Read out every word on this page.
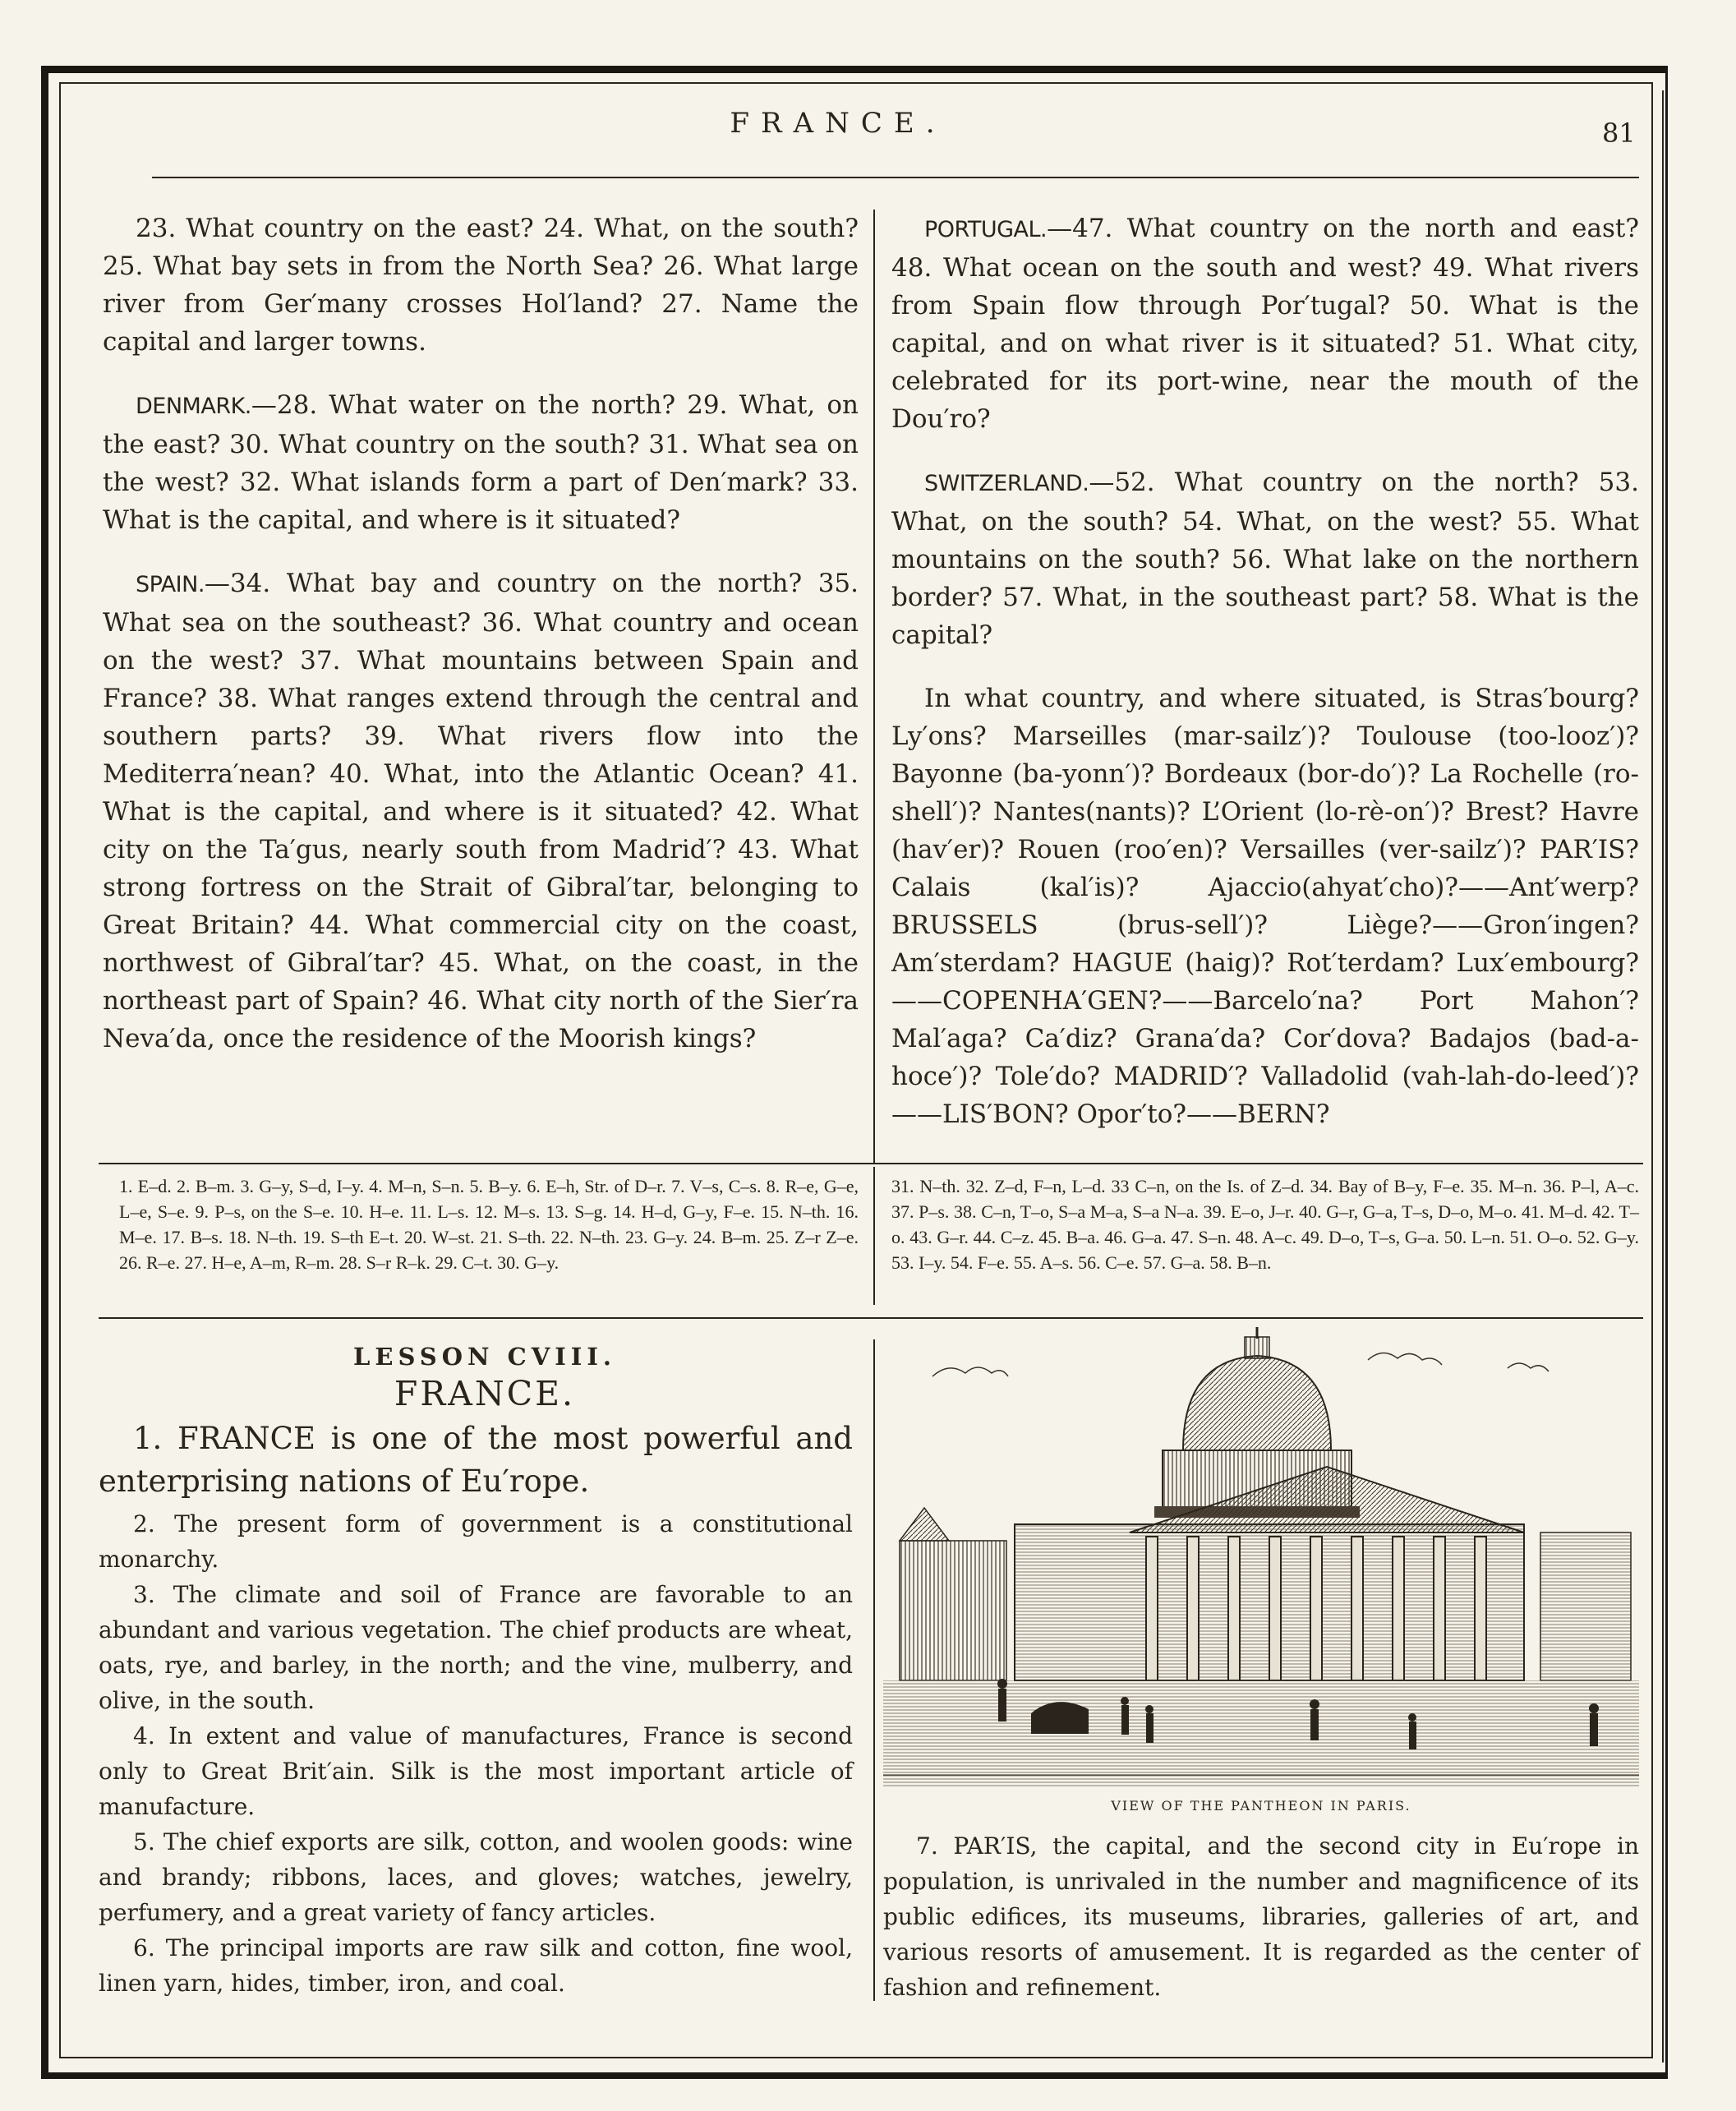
FRANCE.	81

23. What country on the east? 24. What, on the south? 25. What bay sets in from the North Sea? 26. What large river from Ger′many crosses Hol′land? 27. Name the capital and larger towns.

DENMARK.—28. What water on the north? 29. What, on the east? 30. What country on the south? 31. What sea on the west? 32. What islands form a part of Den′mark? 33. What is the capital, and where is it situated?

SPAIN.—34. What bay and country on the north? 35. What sea on the southeast? 36. What country and ocean on the west? 37. What mountains between Spain and France? 38. What ranges extend through the central and southern parts? 39. What rivers flow into the Mediterra′nean? 40. What, into the Atlantic Ocean? 41. What is the capital, and where is it situated? 42. What city on the Ta′gus, nearly south from Madrid′? 43. What strong fortress on the Strait of Gibral′tar, belonging to Great Britain? 44. What commercial city on the coast, northwest of Gibral′tar? 45. What, on the coast, in the northeast part of Spain? 46. What city north of the Sier′ra Neva′da, once the residence of the Moorish kings?

PORTUGAL.—47. What country on the north and east? 48. What ocean on the south and west? 49. What rivers from Spain flow through Por′tugal? 50. What is the capital, and on what river is it situated? 51. What city, celebrated for its port-wine, near the mouth of the Dou′ro?

SWITZERLAND.—52. What country on the north? 53. What, on the south? 54. What, on the west? 55. What mountains on the south? 56. What lake on the northern border? 57. What, in the southeast part? 58. What is the capital?

In what country, and where situated, is Stras′bourg? Ly′ons? Marseilles (mar-sailz′)? Toulouse (too-looz′)? Bayonne (ba-yonn′)? Bordeaux (bor-do′)? La Rochelle (ro-shell′)? Nantes(nants)? L’Orient (lo-rè-on′)? Brest? Havre (hav′er)? Rouen (roo′en)? Versailles (ver-sailz′)? PAR′IS? Calais (kal′is)? Ajaccio(ahyat′cho)?——Ant′werp? BRUSSELS (brus-sell′)? Liège?——Gron′ingen? Am′sterdam? HAGUE (haig)? Rot′terdam? Lux′embourg?——COPENHA′GEN?——Barcelo′na? Port Mahon′? Mal′aga? Ca′diz? Grana′da? Cor′dova? Badajos (bad-a-hoce′)? Tole′do? MADRID′? Valladolid (vah-lah-do-leed′)?——LIS′BON? Opor′to?——BERN?

1. E–d. 2. B–m. 3. G–y, S–d, I–y. 4. M–n, S–n. 5. B–y. 6. E–h, Str. of D–r. 7. V–s, C–s. 8. R–e, G–e, L–e, S–e. 9. P–s, on the S–e. 10. H–e. 11. L–s. 12. M–s. 13. S–g. 14. H–d, G–y, F–e. 15. N–th. 16. M–e. 17. B–s. 18. N–th. 19. S–th E–t. 20. W–st. 21. S–th. 22. N–th. 23. G–y. 24. B–m. 25. Z–r Z–e. 26. R–e. 27. H–e, A–m, R–m. 28. S–r R–k. 29. C–t. 30. G–y.
31. N–th. 32. Z–d, F–n, L–d. 33 C–n, on the Is. of Z–d. 34. Bay of B–y, F–e. 35. M–n. 36. P–l, A–c. 37. P–s. 38. C–n, T–o, S–a M–a, S–a N–a. 39. E–o, J–r. 40. G–r, G–a, T–s, D–o, M–o. 41. M–d. 42. T–o. 43. G–r. 44. C–z. 45. B–a. 46. G–a. 47. S–n. 48. A–c. 49. D–o, T–s, G–a. 50. L–n. 51. O–o. 52. G–y. 53. I–y. 54. F–e. 55. A–s. 56. C–e. 57. G–a. 58. B–n.
LESSON CVIII.
FRANCE.

1. FRANCE is one of the most powerful and enterprising nations of Eu′rope.

2. The present form of government is a constitutional monarchy.

3. The climate and soil of France are favorable to an abundant and various vegetation. The chief products are wheat, oats, rye, and barley, in the north; and the vine, mulberry, and olive, in the south.

4. In extent and value of manufactures, France is second only to Great Brit′ain. Silk is the most important article of manufacture.

5. The chief exports are silk, cotton, and woolen goods: wine and brandy; ribbons, laces, and gloves; watches, jewelry, perfumery, and a great variety of fancy articles.

6. The principal imports are raw silk and cotton, fine wool, linen yarn, hides, timber, iron, and coal.

VIEW OF THE PANTHEON IN PARIS.

7. PAR′IS, the capital, and the second city in Eu′rope in population, is unrivaled in the number and magnificence of its public edifices, its museums, libraries, galleries of art, and various resorts of amusement. It is regarded as the center of fashion and refinement.
